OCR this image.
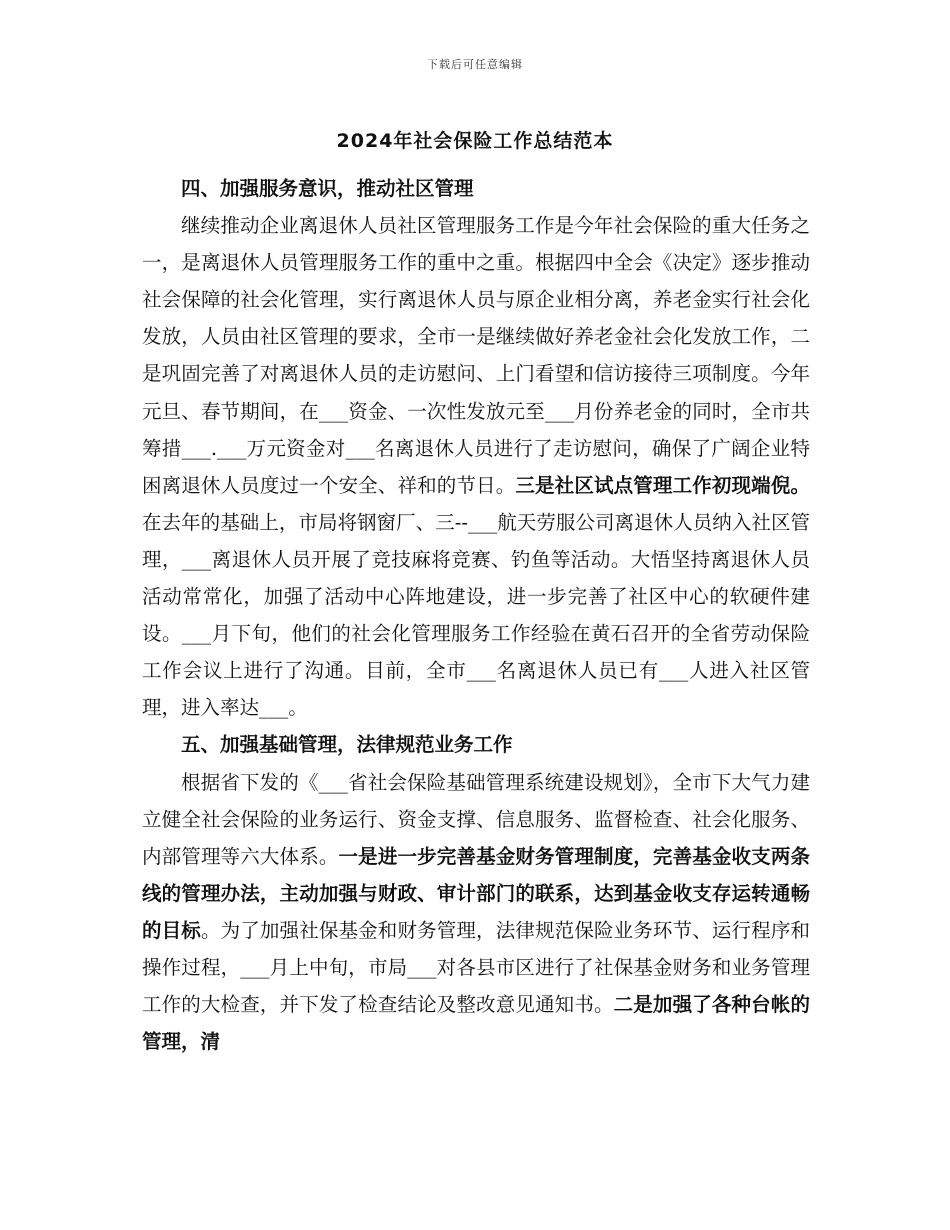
下载后可任意编辑
2024年社会保险工作总结范本
四、加强服务意识，推动社区管理

继续推动企业离退休人员社区管理服务工作是今年社会保险的重大任务之一，是离退休人员管理服务工作的重中之重。根据四中全会《决定》逐步推动社会保障的社会化管理，实行离退休人员与原企业相分离，养老金实行社会化发放，人员由社区管理的要求，全市一是继续做好养老金社会化发放工作，二是巩固完善了对离退休人员的走访慰问、上门看望和信访接待三项制度。今年元旦、春节期间，在___资金、一次性发放元至___月份养老金的同时，全市共筹措___.___万元资金对___名离退休人员进行了走访慰问，确保了广阔企业特困离退休人员度过一个安全、祥和的节日。三是社区试点管理工作初现端倪。在去年的基础上，市局将钢窗厂、三--___航天劳服公司离退休人员纳入社区管理，___离退休人员开展了竞技麻将竞赛、钓鱼等活动。大悟坚持离退休人员活动常常化，加强了活动中心阵地建设，进一步完善了社区中心的软硬件建设。___月下旬，他们的社会化管理服务工作经验在黄石召开的全省劳动保险工作会议上进行了沟通。目前，全市___名离退休人员已有___人进入社区管理，进入率达___。

五、加强基础管理，法律规范业务工作

根据省下发的《___省社会保险基础管理系统建设规划》，全市下大气力建立健全社会保险的业务运行、资金支撑、信息服务、监督检查、社会化服务、内部管理等六大体系。一是进一步完善基金财务管理制度，完善基金收支两条线的管理办法，主动加强与财政、审计部门的联系，达到基金收支存运转通畅的目标。为了加强社保基金和财务管理，法律规范保险业务环节、运行程序和操作过程，___月上中旬，市局___对各县市区进行了社保基金财务和业务管理工作的大检查，并下发了检查结论及整改意见通知书。二是加强了各种台帐的管理，清
